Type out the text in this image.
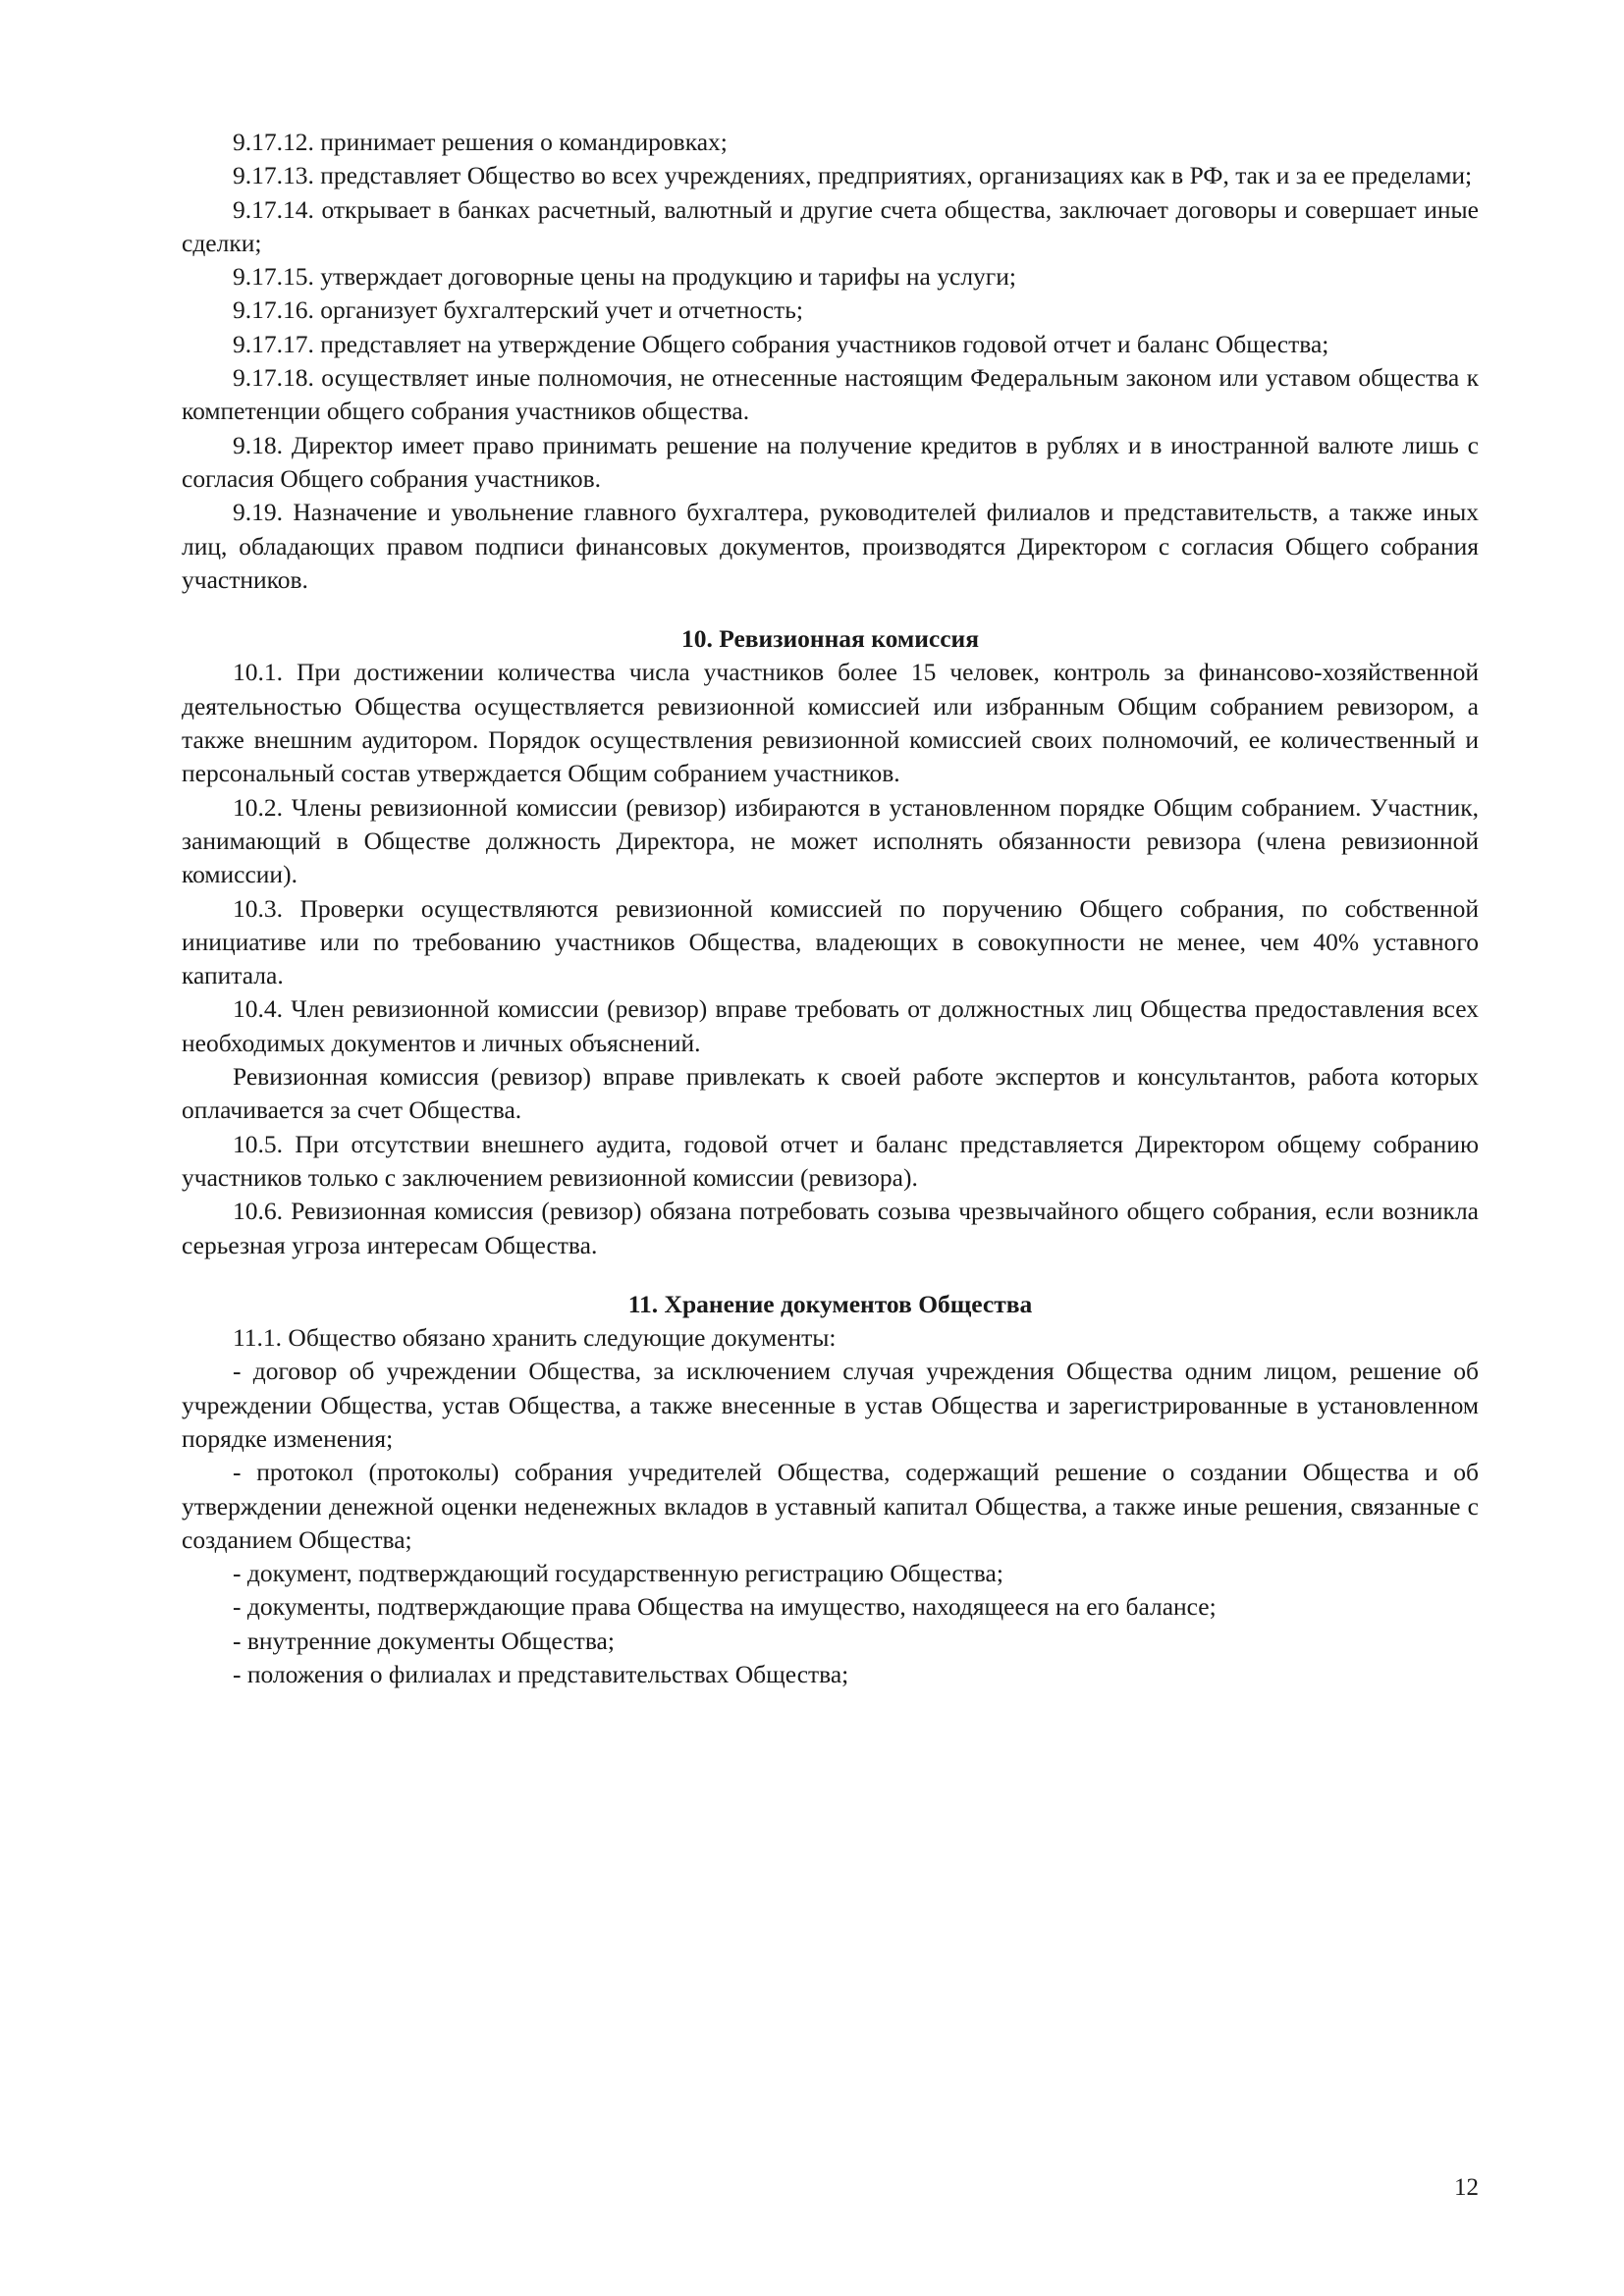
9.17.12. принимает решения о командировках;

9.17.13. представляет Общество во всех учреждениях, предприятиях, организациях как в РФ, так и за ее пределами;

9.17.14. открывает в банках расчетный, валютный и другие счета общества, заключает договоры и совершает иные сделки;

9.17.15. утверждает договорные цены на продукцию и тарифы на услуги;

9.17.16. организует бухгалтерский учет и отчетность;

9.17.17. представляет на утверждение Общего собрания участников годовой отчет и баланс Общества;

9.17.18. осуществляет иные полномочия, не отнесенные настоящим Федеральным законом или уставом общества к компетенции общего собрания участников общества.

9.18. Директор имеет право принимать решение на получение кредитов в рублях и в иностранной валюте лишь с согласия Общего собрания участников.

9.19. Назначение и увольнение главного бухгалтера, руководителей филиалов и представительств, а также иных лиц, обладающих правом подписи финансовых документов, производятся Директором с согласия Общего собрания участников.

10. Ревизионная комиссия

10.1. При достижении количества числа участников более 15 человек, контроль за финансово-хозяйственной деятельностью Общества осуществляется ревизионной комиссией или избранным Общим собранием ревизором, а также внешним аудитором. Порядок осуществления ревизионной комиссией своих полномочий, ее количественный и персональный состав утверждается Общим собранием участников.

10.2. Члены ревизионной комиссии (ревизор) избираются в установленном порядке Общим собранием. Участник, занимающий в Обществе должность Директора, не может исполнять обязанности ревизора (члена ревизионной комиссии).

10.3. Проверки осуществляются ревизионной комиссией по поручению Общего собрания, по собственной инициативе или по требованию участников Общества, владеющих в совокупности не менее, чем 40% уставного капитала.

10.4. Член ревизионной комиссии (ревизор) вправе требовать от должностных лиц Общества предоставления всех необходимых документов и личных объяснений.

Ревизионная комиссия (ревизор) вправе привлекать к своей работе экспертов и консультантов, работа которых оплачивается за счет Общества.

10.5. При отсутствии внешнего аудита, годовой отчет и баланс представляется Директором общему собранию участников только с заключением ревизионной комиссии (ревизора).

10.6. Ревизионная комиссия (ревизор) обязана потребовать созыва чрезвычайного общего собрания, если возникла серьезная угроза интересам Общества.

11. Хранение документов Общества

11.1. Общество обязано хранить следующие документы:

- договор об учреждении Общества, за исключением случая учреждения Общества одним лицом, решение об учреждении Общества, устав Общества, а также внесенные в устав Общества и зарегистрированные в установленном порядке изменения;

- протокол (протоколы) собрания учредителей Общества, содержащий решение о создании Общества и об утверждении денежной оценки неденежных вкладов в уставный капитал Общества, а также иные решения, связанные с созданием Общества;

- документ, подтверждающий государственную регистрацию Общества;

- документы, подтверждающие права Общества на имущество, находящееся на его балансе;

- внутренние документы Общества;

- положения о филиалах и представительствах Общества;

12
